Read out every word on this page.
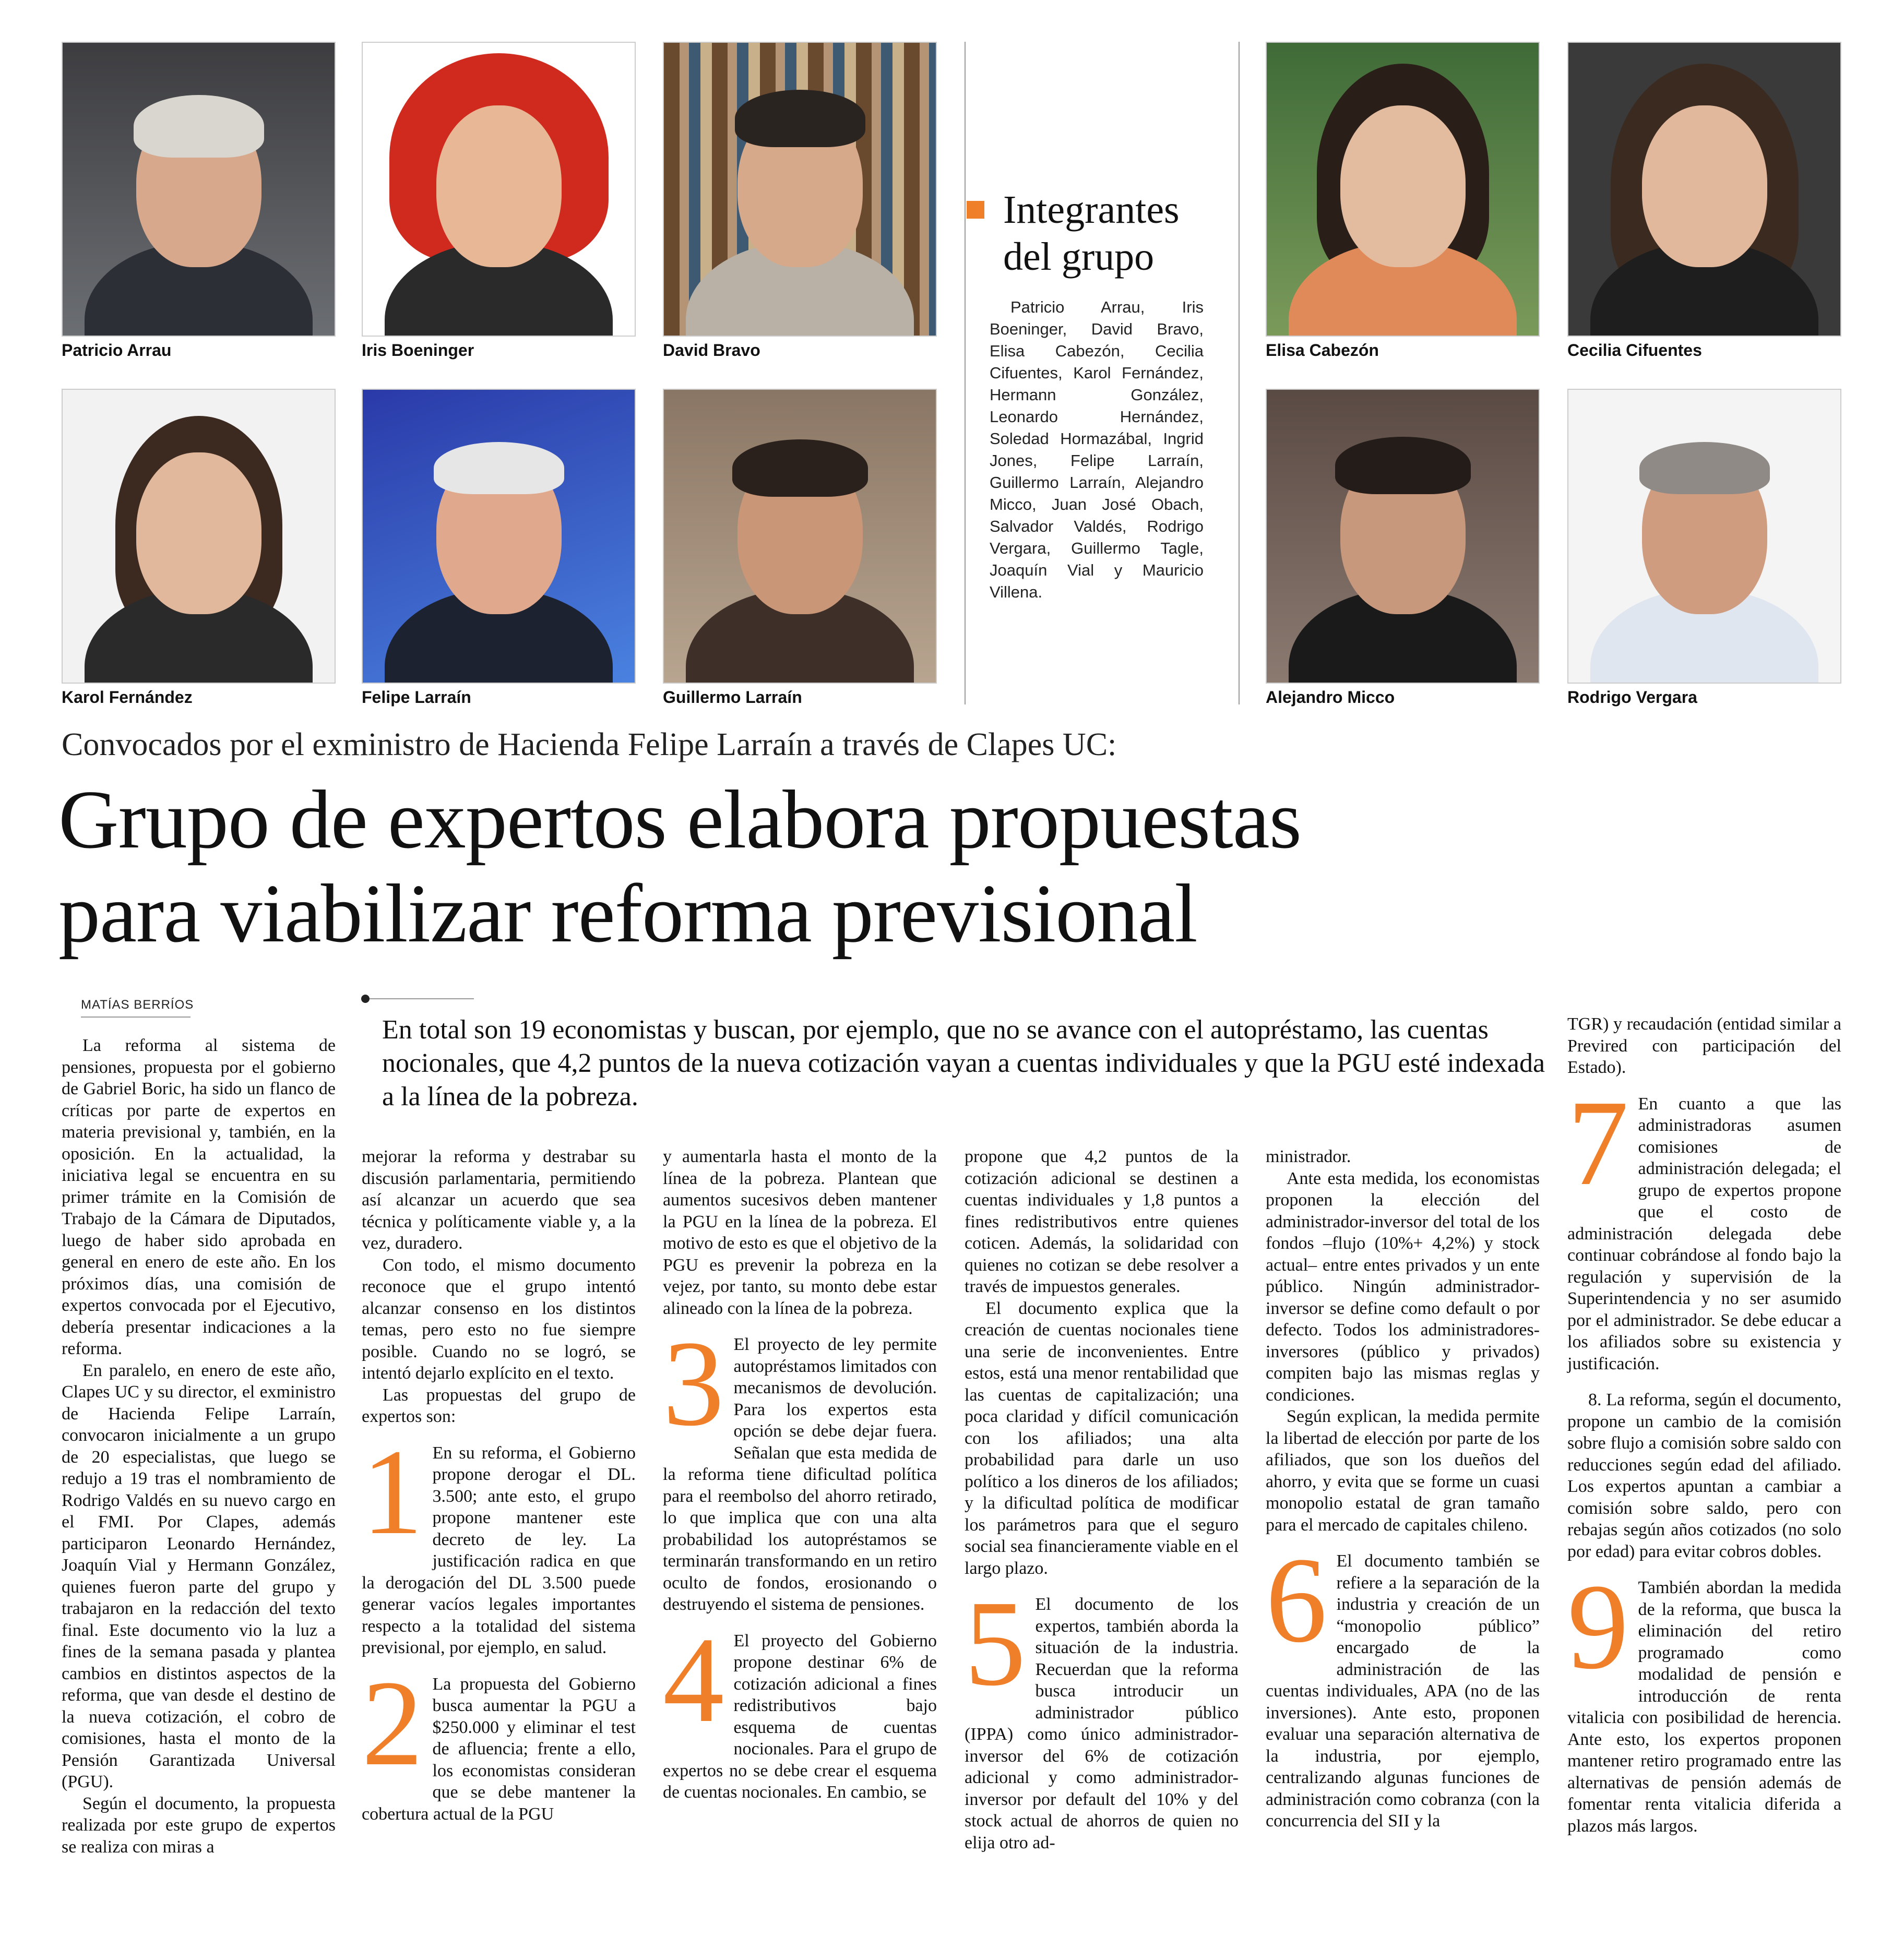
Patricio Arrau	Iris Boeninger	David Bravo	Elisa Cabezón	Cecilia Cifuentes
Karol Fernández	Felipe Larraín	Guillermo Larraín	Alejandro Micco	Rodrigo Vergara
Integrantes
del grupo
Patricio Arrau, Iris Boeninger, David Bravo, Elisa Cabezón, Cecilia Cifuentes, Karol Fernández, Hermann González, Leonardo Hernández, Soledad Hormazábal, Ingrid Jones, Felipe Larraín, Guillermo Larraín, Alejandro Micco, Juan José Obach, Salvador Valdés, Rodrigo Vergara, Guillermo Tagle, Joaquín Vial y Mauricio Villena.
Convocados por el exministro de Hacienda Felipe Larraín a través de Clapes UC:
Grupo de expertos elabora propuestas
para viabilizar reforma previsional
MATÍAS BERRÍOS
En total son 19 economistas y buscan, por ejemplo, que no se avance con el autopréstamo, las cuentas nocionales, que 4,2 puntos de la nueva cotización vayan a cuentas individuales y que la PGU esté indexada a la línea de la pobreza.

La reforma al sistema de pensiones, propuesta por el gobierno de Gabriel Boric, ha sido un flanco de críticas por parte de expertos en materia previsional y, también, en la oposición. En la actualidad, la iniciativa legal se encuentra en su primer trámite en la Comisión de Trabajo de la Cámara de Diputados, luego de haber sido aprobada en general en enero de este año. En los próximos días, una comisión de expertos convocada por el Ejecutivo, debería presentar indicaciones a la reforma.

En paralelo, en enero de este año, Clapes UC y su director, el exministro de Hacienda Felipe Larraín, convocaron inicialmente a un grupo de 20 especialistas, que luego se redujo a 19 tras el nombramiento de Rodrigo Valdés en su nuevo cargo en el FMI. Por Clapes, además participaron Leonardo Hernández, Joaquín Vial y Hermann González, quienes fueron parte del grupo y trabajaron en la redacción del texto final. Este documento vio la luz a fines de la semana pasada y plantea cambios en distintos aspectos de la reforma, que van desde el destino de la nueva cotización, el cobro de comisiones, hasta el monto de la Pensión Garantizada Universal (PGU).

Según el documento, la propuesta realizada por este grupo de expertos se realiza con miras a

mejorar la reforma y destrabar su discusión parlamentaria, permitiendo así alcanzar un acuerdo que sea técnica y políticamente viable y, a la vez, duradero.

Con todo, el mismo documento reconoce que el grupo intentó alcanzar consenso en los distintos temas, pero esto no fue siempre posible. Cuando no se logró, se intentó dejarlo explícito en el texto.

Las propuestas del grupo de expertos son:

1 En su reforma, el Gobierno propone derogar el DL. 3.500; ante esto, el grupo propone mantener este decreto de ley. La justificación radica en que la derogación del DL 3.500 puede generar vacíos legales importantes respecto a la totalidad del sistema previsional, por ejemplo, en salud.
2 La propuesta del Gobierno busca aumentar la PGU a $250.000 y eliminar el test de afluencia; frente a ello, los economistas consideran que se debe mantener la cobertura actual de la PGU

y aumentarla hasta el monto de la línea de la pobreza. Plantean que aumentos sucesivos deben mantener la PGU en la línea de la pobreza. El motivo de esto es que el objetivo de la PGU es prevenir la pobreza en la vejez, por tanto, su monto debe estar alineado con la línea de la pobreza.

3 El proyecto de ley permite autopréstamos limitados con mecanismos de devolución. Para los expertos esta opción se debe dejar fuera. Señalan que esta medida de la reforma tiene dificultad política para el reembolso del ahorro retirado, lo que implica que con una alta probabilidad los autopréstamos se terminarán transformando en un retiro oculto de fondos, erosionando o destruyendo el sistema de pensiones.
4 El proyecto del Gobierno propone destinar 6% de cotización adicional a fines redistributivos bajo esquema de cuentas nocionales. Para el grupo de expertos no se debe crear el esquema de cuentas nocionales. En cambio, se

propone que 4,2 puntos de la cotización adicional se destinen a cuentas individuales y 1,8 puntos a fines redistributivos entre quienes coticen. Además, la solidaridad con quienes no cotizan se debe resolver a través de impuestos generales.

El documento explica que la creación de cuentas nocionales tiene una serie de inconvenientes. Entre estos, está una menor rentabilidad que las cuentas de capitalización; una poca claridad y difícil comunicación con los afiliados; una alta probabilidad para darle un uso político a los dineros de los afiliados; y la dificultad política de modificar los parámetros para que el seguro social sea financieramente viable en el largo plazo.

5 El documento de los expertos, también aborda la situación de la industria. Recuerdan que la reforma busca introducir un administrador público (IPPA) como único administrador-inversor del 6% de cotización adicional y como administrador-inversor por default del 10% y del stock actual de ahorros de quien no elija otro ad-

ministrador.

Ante esta medida, los economistas proponen la elección del administrador-inversor del total de los fondos –flujo (10%+ 4,2%) y stock actual– entre entes privados y un ente público. Ningún administrador-inversor se define como default o por defecto. Todos los administradores-inversores (público y privados) compiten bajo las mismas reglas y condiciones.

Según explican, la medida permite la libertad de elección por parte de los afiliados, que son los dueños del ahorro, y evita que se forme un cuasi monopolio estatal de gran tamaño para el mercado de capitales chileno.

6 El documento también se refiere a la separación de la industria y creación de un “monopolio público” encargado de la administración de las cuentas individuales, APA (no de las inversiones). Ante esto, proponen evaluar una separación alternativa de la industria, por ejemplo, centralizando algunas funciones de administración como cobranza (con la concurrencia del SII y la

TGR) y recaudación (entidad similar a Previred con participación del Estado).

7 En cuanto a que las administradoras asumen comisiones de administración delegada; el grupo de expertos propone que el costo de administración delegada debe continuar cobrándose al fondo bajo la regulación y supervisión de la Superintendencia y no ser asumido por el administrador. Se debe educar a los afiliados sobre su existencia y justificación.

8. La reforma, según el documento, propone un cambio de la comisión sobre flujo a comisión sobre saldo con reducciones según edad del afiliado. Los expertos apuntan a cambiar a comisión sobre saldo, pero con rebajas según años cotizados (no solo por edad) para evitar cobros dobles.

9 También abordan la medida de la reforma, que busca la eliminación del retiro programado como modalidad de pensión e introducción de renta vitalicia con posibilidad de herencia. Ante esto, los expertos proponen mantener retiro programado entre las alternativas de pensión además de fomentar renta vitalicia diferida a plazos más largos.
